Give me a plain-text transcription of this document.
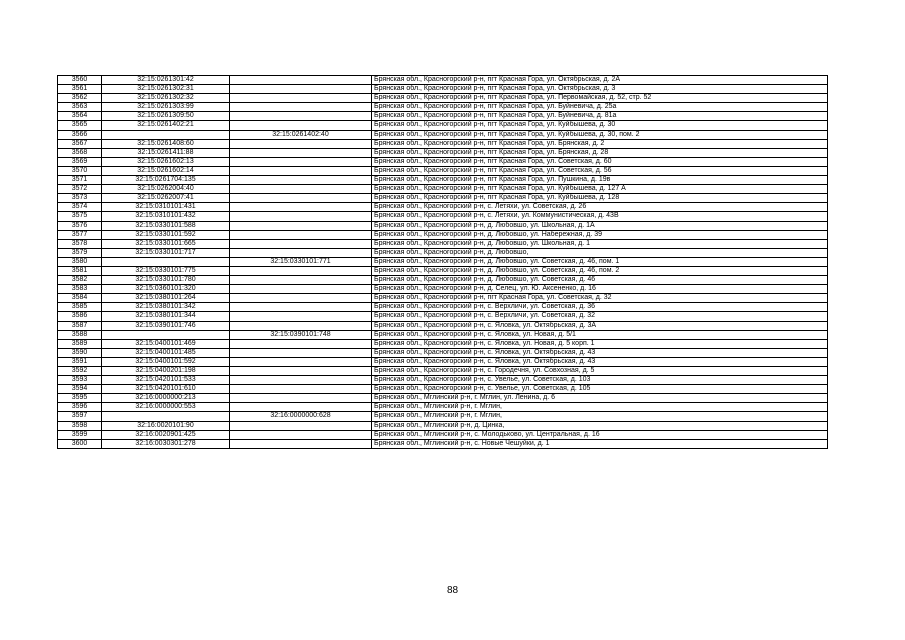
3560	32:15:0261301:42		Брянская обл., Красногорский р-н, пгт Красная Гора, ул. Октябрьская, д. 2А
3561	32:15:0261302:31		Брянская обл., Красногорский р-н, пгт Красная Гора, ул. Октябрьская, д. 3
3562	32:15:0261302:32		Брянская обл., Красногорский р-н, пгт Красная Гора, ул. Первомайская, д. 52, стр. 52
3563	32:15:0261303:99		Брянская обл., Красногорский р-н, пгт Красная Гора, ул. Буйневича, д. 25а
3564	32:15:0261309:50		Брянская обл., Красногорский р-н, пгт Красная Гора, ул. Буйневича, д. 81а
3565	32:15:0261402:21		Брянская обл., Красногорский р-н, пгт Красная Гора, ул. Куйбышева, д. 30
3566		32:15:0261402:40	Брянская обл., Красногорский р-н, пгт Красная Гора, ул. Куйбышева, д. 30, пом. 2
3567	32:15:0261408:60		Брянская обл., Красногорский р-н, пгт Красная Гора, ул. Брянская, д. 2
3568	32:15:0261411:88		Брянская обл., Красногорский р-н, пгт Красная Гора, ул. Брянская, д. 28
3569	32:15:0261602:13		Брянская обл., Красногорский р-н, пгт Красная Гора, ул. Советская, д. 60
3570	32:15:0261602:14		Брянская обл., Красногорский р-н, пгт Красная Гора, ул. Советская, д. 56
3571	32:15:0261704:135		Брянская обл., Красногорский р-н, пгт Красная Гора, ул. Пушкина, д. 19в
3572	32:15:0262004:40		Брянская обл., Красногорский р-н, пгт Красная Гора, ул. Куйбышева, д. 127 А
3573	32:15:0262007:41		Брянская обл., Красногорский р-н, пгт Красная Гора, ул. Куйбышева, д. 128
3574	32:15:0310101:431		Брянская обл., Красногорский р-н, с. Летяхи, ул. Советская, д. 26
3575	32:15:0310101:432		Брянская обл., Красногорский р-н, с. Летяхи, ул. Коммунистическая, д. 43В
3576	32:15:0330101:588		Брянская обл., Красногорский р-н, д. Любовшо, ул. Школьная, д. 1А
3577	32:15:0330101:592		Брянская обл., Красногорский р-н, д. Любовшо, ул. Набережная, д. 39
3578	32:15:0330101:665		Брянская обл., Красногорский р-н, д. Любовшо, ул. Школьная, д. 1
3579	32:15:0330101:717		Брянская обл., Красногорский р-н, д. Любовшо,
3580		32:15:0330101:771	Брянская обл., Красногорский р-н, д. Любовшо, ул. Советская, д. 46, пом. 1
3581	32:15:0330101:775		Брянская обл., Красногорский р-н, д. Любовшо, ул. Советская, д. 46, пом. 2
3582	32:15:0330101:780		Брянская обл., Красногорский р-н, д. Любовшо, ул. Советская, д. 46
3583	32:15:0360101:320		Брянская обл., Красногорский р-н, д. Селец, ул. Ю. Аксененко, д. 16
3584	32:15:0380101:264		Брянская обл., Красногорский р-н, пгт Красная Гора, ул. Советская, д. 32
3585	32:15:0380101:342		Брянская обл., Красногорский р-н, с. Верхличи, ул. Советская, д. 36
3586	32:15:0380101:344		Брянская обл., Красногорский р-н, с. Верхличи, ул. Советская, д. 32
3587	32:15:0390101:746		Брянская обл., Красногорский р-н, с. Яловка, ул. Октябрьская, д. 3А
3588		32:15:0390101:748	Брянская обл., Красногорский р-н, с. Яловка, ул. Новая, д. 5/1
3589	32:15:0400101:469		Брянская обл., Красногорский р-н, с. Яловка, ул. Новая, д. 5 корп. 1
3590	32:15:0400101:485		Брянская обл., Красногорский р-н, с. Яловка, ул. Октябрьская, д. 43
3591	32:15:0400101:592		Брянская обл., Красногорский р-н, с. Яловка, ул. Октябрьская, д. 43
3592	32:15:0400201:198		Брянская обл., Красногорский р-н, с. Городечня, ул. Совхозная, д. 5
3593	32:15:0420101:533		Брянская обл., Красногорский р-н, с. Увелье, ул. Советская, д. 103
3594	32:15:0420101:610		Брянская обл., Красногорский р-н, с. Увелье, ул. Советская, д. 105
3595	32:16:0000000:213		Брянская обл., Мглинский р-н, г. Мглин, ул. Ленина, д. 6
3596	32:16:0000000:553		Брянская обл., Мглинский р-н, г. Мглин,
3597		32:16:0000000:628	Брянская обл., Мглинский р-н, г. Мглин,
3598	32:16:0020101:90		Брянская обл., Мглинский р-н, д. Цинка,
3599	32:16:0020901:425		Брянская обл., Мглинский р-н, с. Молодьково, ул. Центральная, д. 16
3600	32:16:0030301:278		Брянская обл., Мглинский р-н, с. Новые Чешуйки, д. 1
88
